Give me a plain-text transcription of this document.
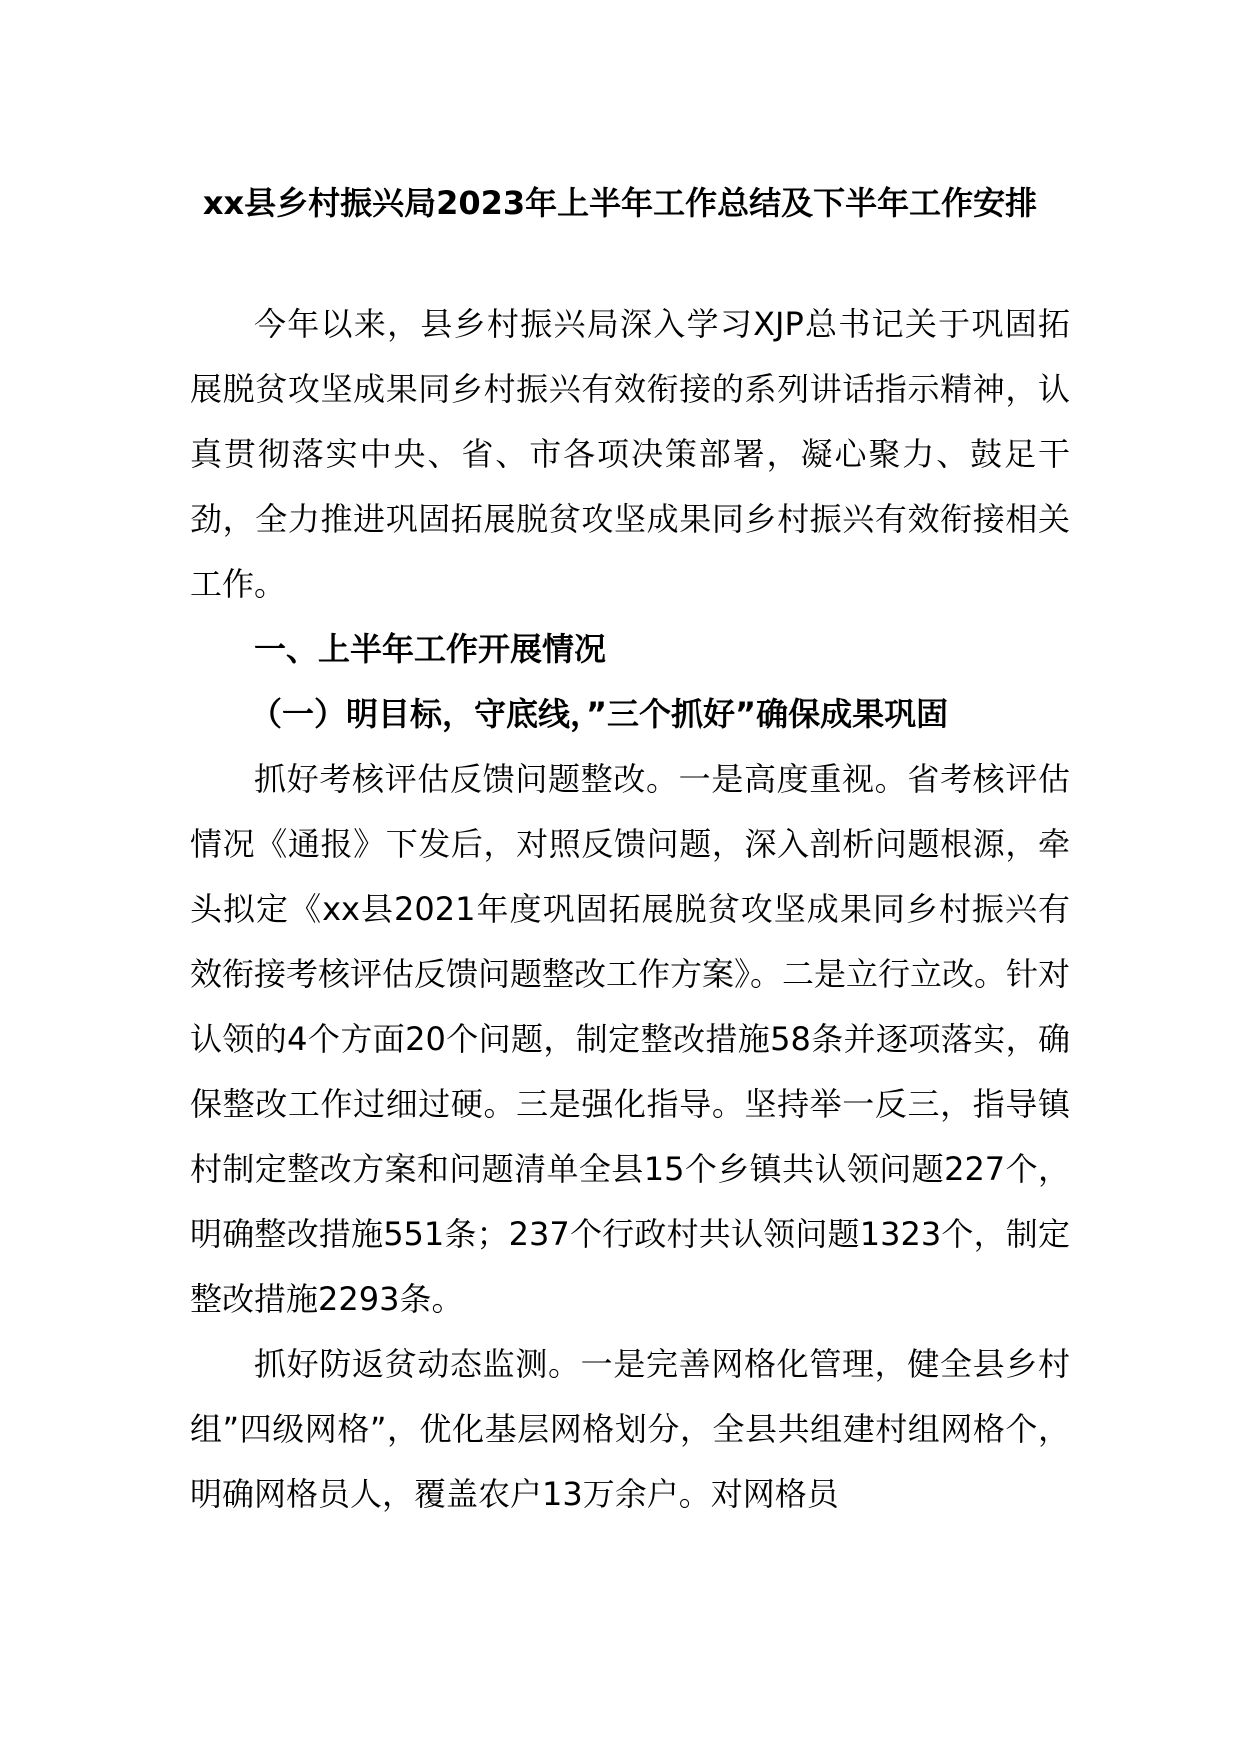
xx县乡村振兴局2023年上半年工作总结及下半年工作安排

今年以来，县乡村振兴局深入学习XJP总书记关于巩固拓展脱贫攻坚成果同乡村振兴有效衔接的系列讲话指示精神，认真贯彻落实中央、省、市各项决策部署，凝心聚力、鼓足干劲，全力推进巩固拓展脱贫攻坚成果同乡村振兴有效衔接相关工作。

一、上半年工作开展情况

（一）明目标，守底线，”三个抓好”确保成果巩固

抓好考核评估反馈问题整改。一是高度重视。省考核评估情况《通报》下发后，对照反馈问题，深入剖析问题根源，牵头拟定《xx县2021年度巩固拓展脱贫攻坚成果同乡村振兴有效衔接考核评估反馈问题整改工作方案》。二是立行立改。针对认领的4个方面20个问题，制定整改措施58条并逐项落实，确保整改工作过细过硬。三是强化指导。坚持举一反三，指导镇村制定整改方案和问题清单全县15个乡镇共认领问题227个，明确整改措施551条；237个行政村共认领问题1323个，制定整改措施2293条。

抓好防返贫动态监测。一是完善网格化管理，健全县乡村组”四级网格”，优化基层网格划分，全县共组建村组网格个，明确网格员人，覆盖农户13万余户。对网格员
